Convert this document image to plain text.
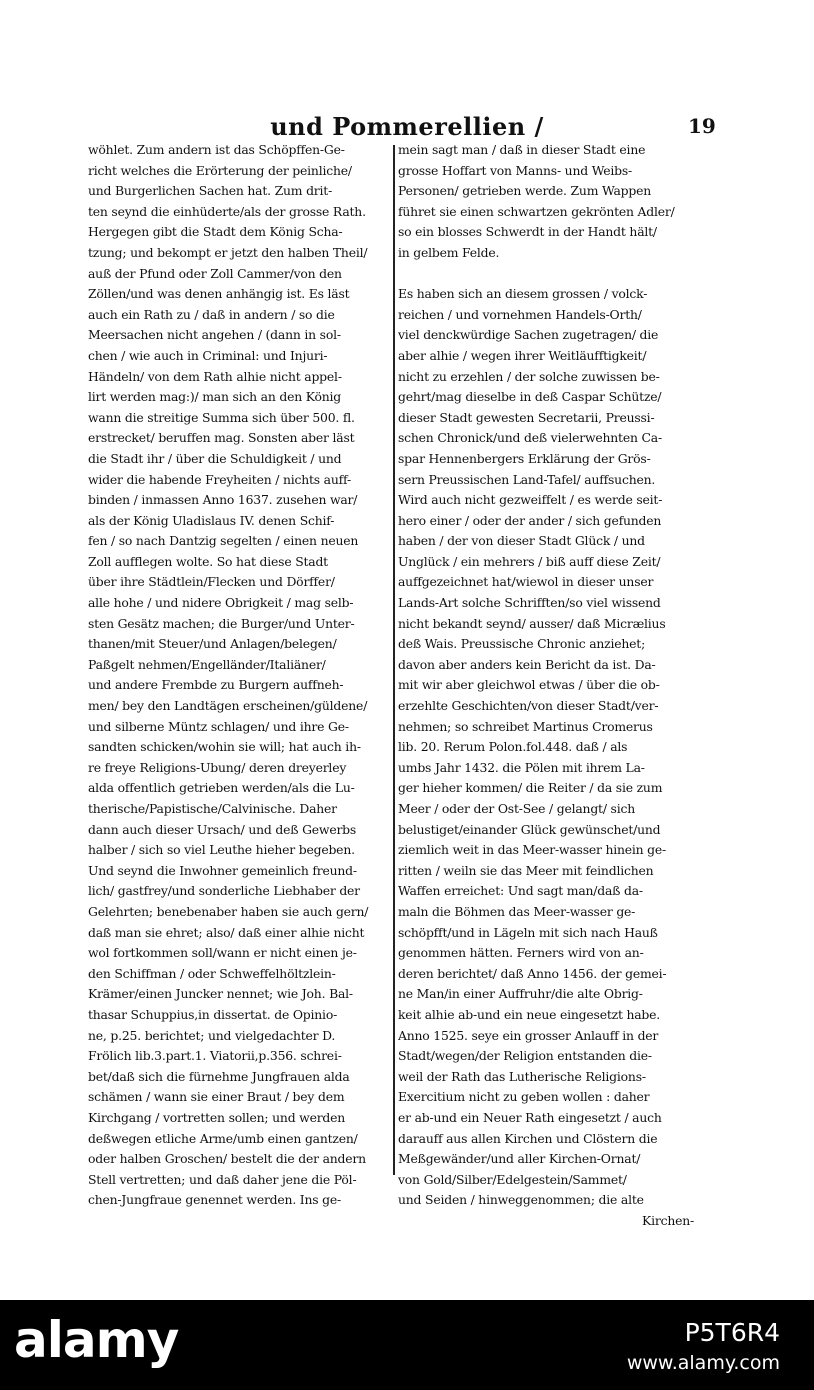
und Pommerellien /	19
wöhlet. Zum andern ist das Schöpffen-Ge-
richt welches die Erörterung der peinliche/
und Burgerlichen Sachen hat. Zum drit-
ten seynd die einhüderte/als der grosse Rath.
Hergegen gibt die Stadt dem König Scha-
tzung; und bekompt er jetzt den halben Theil/
auß der Pfund oder Zoll Cammer/von den
Zöllen/und was denen anhängig ist. Es läst
auch ein Rath zu / daß in andern / so die
Meersachen nicht angehen / (dann in sol-
chen / wie auch in Criminal: und Injuri-
Händeln/ von dem Rath alhie nicht appel-
lirt werden mag:)/ man sich an den König
wann die streitige Summa sich über 500. fl.
erstrecket/ beruffen mag. Sonsten aber läst
die Stadt ihr / über die Schuldigkeit / und
wider die habende Freyheiten / nichts auff-
binden / inmassen Anno 1637. zusehen war/
als der König Uladislaus IV. denen Schif-
fen / so nach Dantzig segelten / einen neuen
Zoll aufflegen wolte. So hat diese Stadt
über ihre Städtlein/Flecken und Dörffer/
alle hohe / und nidere Obrigkeit / mag selb-
sten Gesätz machen; die Burger/und Unter-
thanen/mit Steuer/und Anlagen/belegen/
Paßgelt nehmen/Engelländer/Italiäner/
und andere Frembde zu Burgern auffneh-
men/ bey den Landtägen erscheinen/güldene/
und silberne Müntz schlagen/ und ihre Ge-
sandten schicken/wohin sie will; hat auch ih-
re freye Religions-Ubung/ deren dreyerley
alda offentlich getrieben werden/als die Lu-
therische/Papistische/Calvinische. Daher
dann auch dieser Ursach/ und deß Gewerbs
halber / sich so viel Leuthe hieher begeben.
Und seynd die Inwohner gemeinlich freund-
lich/ gastfrey/und sonderliche Liebhaber der
Gelehrten; benebenaber haben sie auch gern/
daß man sie ehret; also/ daß einer alhie nicht
wol fortkommen soll/wann er nicht einen je-
den Schiffman / oder Schweffelhöltzlein-
Krämer/einen Juncker nennet; wie Joh. Bal-
thasar Schuppius,in dissertat. de Opinio-
ne, p.25. berichtet; und vielgedachter D.
Frölich lib.3.part.1. Viatorii,p.356. schrei-
bet/daß sich die fürnehme Jungfrauen alda
schämen / wann sie einer Braut / bey dem
Kirchgang / vortretten sollen; und werden
deßwegen etliche Arme/umb einen gantzen/
oder halben Groschen/ bestelt die der andern
Stell vertretten; und daß daher jene die Pöl-
chen-Jungfraue genennet werden. Ins ge-
mein sagt man / daß in dieser Stadt eine
grosse Hoffart von Manns- und Weibs-
Personen/ getrieben werde. Zum Wappen
führet sie einen schwartzen gekrönten Adler/
so ein blosses Schwerdt in der Handt hält/
in gelbem Felde.
Es haben sich an diesem grossen / volck-
reichen / und vornehmen Handels-Orth/
viel denckwürdige Sachen zugetragen/ die
aber alhie / wegen ihrer Weitläufftigkeit/
nicht zu erzehlen / der solche zuwissen be-
gehrt/mag dieselbe in deß Caspar Schütze/
dieser Stadt gewesten Secretarii, Preussi-
schen Chronick/und deß vielerwehnten Ca-
spar Hennenbergers Erklärung der Grös-
sern Preussischen Land-Tafel/ auffsuchen.
Wird auch nicht gezweiffelt / es werde seit-
hero einer / oder der ander / sich gefunden
haben / der von dieser Stadt Glück / und
Unglück / ein mehrers / biß auff diese Zeit/
auffgezeichnet hat/wiewol in dieser unser
Lands-Art solche Schrifften/so viel wissend
nicht bekandt seynd/ ausser/ daß Micrælius
deß Wais. Preussische Chronic anziehet;
davon aber anders kein Bericht da ist. Da-
mit wir aber gleichwol etwas / über die ob-
erzehlte Geschichten/von dieser Stadt/ver-
nehmen; so schreibet Martinus Cromerus
lib. 20. Rerum Polon.fol.448. daß / als
umbs Jahr 1432. die Pölen mit ihrem La-
ger hieher kommen/ die Reiter / da sie zum
Meer / oder der Ost-See / gelangt/ sich
belustiget/einander Glück gewünschet/und
ziemlich weit in das Meer-wasser hinein ge-
ritten / weiln sie das Meer mit feindlichen
Waffen erreichet: Und sagt man/daß da-
maln die Böhmen das Meer-wasser ge-
schöpfft/und in Lägeln mit sich nach Hauß
genommen hätten. Ferners wird von an-
deren berichtet/ daß Anno 1456. der gemei-
ne Man/in einer Auffruhr/die alte Obrig-
keit alhie ab-und ein neue eingesetzt habe.
Anno 1525. seye ein grosser Anlauff in der
Stadt/wegen/der Religion entstanden die-
weil der Rath das Lutherische Religions-
Exercitium nicht zu geben wollen : daher
er ab-und ein Neuer Rath eingesetzt / auch
darauff aus allen Kirchen und Clöstern die
Meßgewänder/und aller Kirchen-Ornat/
von Gold/Silber/Edelgestein/Sammet/
und Seiden / hinweggenommen; die alte
Kirchen-
alamy	P5T6R4
www.alamy.com
